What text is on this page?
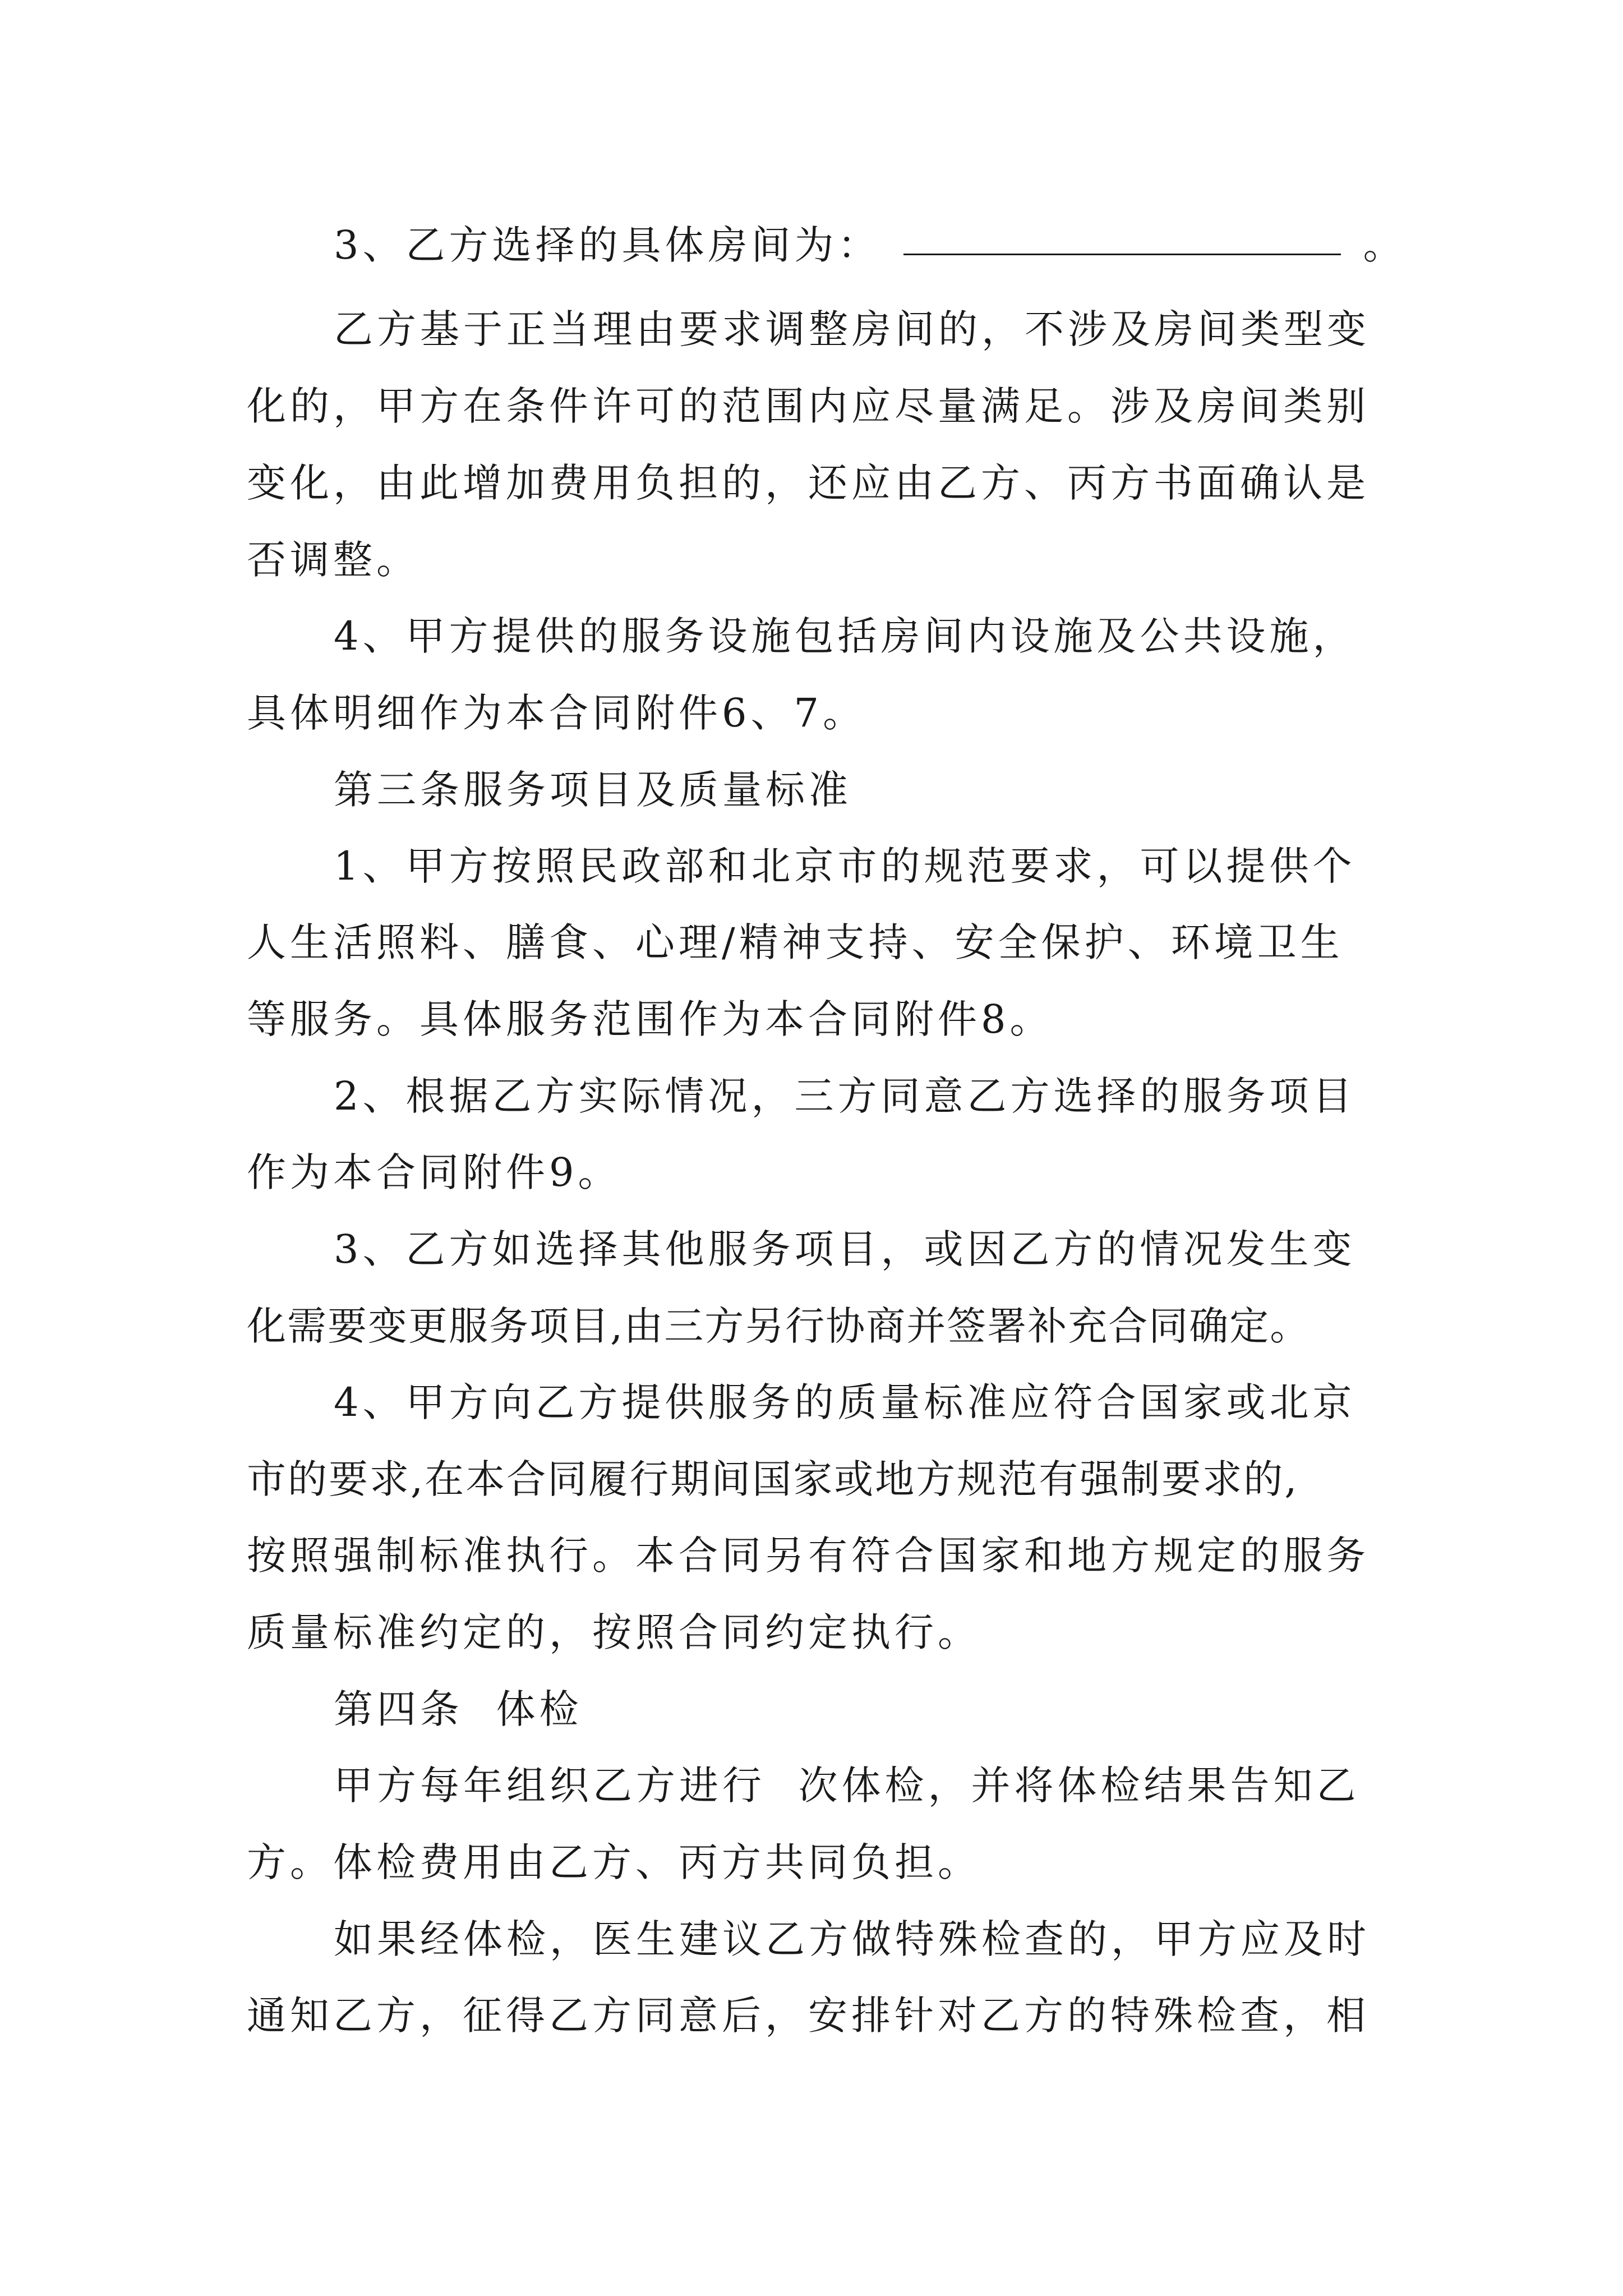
3、乙方选择的具体房间为：	。
乙方基于正当理由要求调整房间的，不涉及房间类型变
化的，甲方在条件许可的范围内应尽量满足。涉及房间类别
变化，由此增加费用负担的，还应由乙方、丙方书面确认是
否调整。
4、甲方提供的服务设施包括房间内设施及公共设施，
具体明细作为本合同附件6、7。
第三条服务项目及质量标准
1、甲方按照民政部和北京市的规范要求，可以提供个
人生活照料、膳食、心理/精神支持、安全保护、环境卫生
等服务。具体服务范围作为本合同附件8。
2、根据乙方实际情况，三方同意乙方选择的服务项目
作为本合同附件9。
3、乙方如选择其他服务项目，或因乙方的情况发生变
化需要变更服务项目,由三方另行协商并签署补充合同确定。
4、甲方向乙方提供服务的质量标准应符合国家或北京
市的要求,在本合同履行期间国家或地方规范有强制要求的,
按照强制标准执行。本合同另有符合国家和地方规定的服务
质量标准约定的，按照合同约定执行。
第四条  体检
甲方每年组织乙方进行  次体检，并将体检结果告知乙
方。体检费用由乙方、丙方共同负担。
如果经体检，医生建议乙方做特殊检查的，甲方应及时
通知乙方，征得乙方同意后，安排针对乙方的特殊检查，相
